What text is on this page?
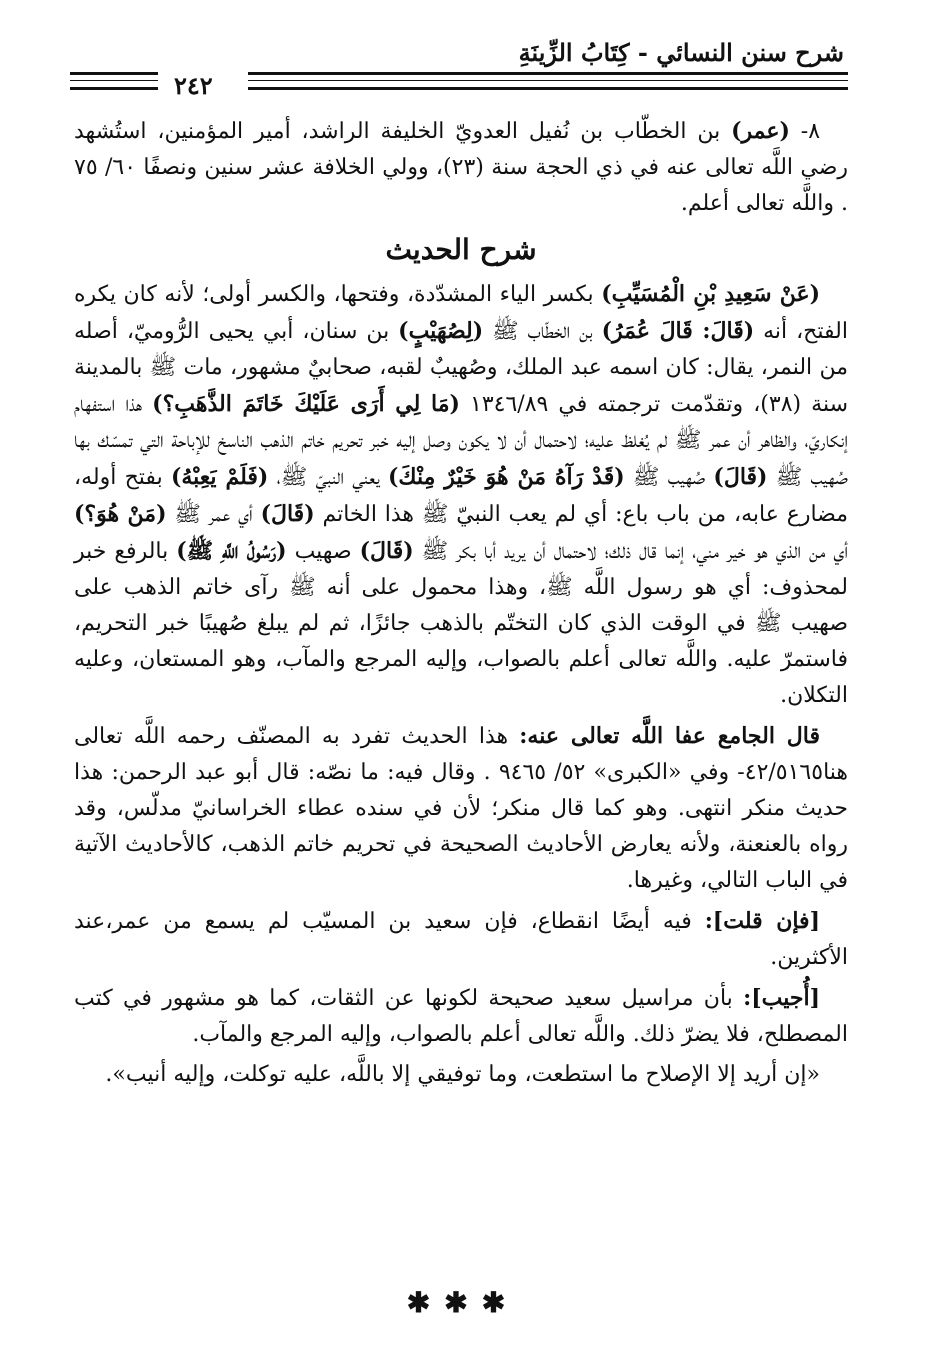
شرح سنن النسائي - كِتَابُ الزِّينَةِ
٢٤٢

٨- (عمر) بن الخطّاب بن نُفيل العدويّ الخليفة الراشد، أمير المؤمنين، استُشهد رضي اللَّه تعالى عنه في ذي الحجة سنة (٢٣)، وولي الخلافة عشر سنين ونصفًا ٦٠/ ٧٥ . واللَّه تعالى أعلم.

شرح الحديث

(عَنْ سَعِيدِ بْنِ الْمُسَيِّبِ) بكسر الياء المشدّدة، وفتحها، والكسر أولى؛ لأنه كان يكره الفتح، أنه (قَالَ: قَالَ عُمَرُ) بن الخطّاب ﷺ (لِصُهَيْبٍ) بن سنان، أبي يحيى الرُّوميّ، أصله من النمر، يقال: كان اسمه عبد الملك، وصُهيبٌ لقبه، صحابيٌ مشهور، مات ﷺ بالمدينة سنة (٣٨)، وتقدّمت ترجمته في ١٣٤٦/٨٩ (مَا لِي أَرَى عَلَيْكَ خَاتَمَ الذَّهَبِ؟) هذا استفهام إنكاريّ، والظاهر أن عمر ﷺ لم يُغلظ عليه؛ لاحتمال أن لا يكون وصل إليه خبر تحريم خاتم الذهب الناسخ للإباحة التي تمسّك بها صُهيب ﷺ (قَالَ) صُهيب ﷺ (قَدْ رَآهُ مَنْ هُوَ خَيْرٌ مِنْكَ) يعني النبيّ ﷺ، (فَلَمْ يَعِبْهُ) بفتح أوله، مضارع عابه، من باب باع: أي لم يعب النبيّ ﷺ هذا الخاتم (قَالَ) أي عمر ﷺ (مَنْ هُوَ؟) أي من الذي هو خير مني، إنما قال ذلك؛ لاحتمال أن يريد أبا بكر ﷺ (قَالَ) صهيب (رَسُولُ اللَّهِ ﷺ) بالرفع خبر لمحذوف: أي هو رسول اللَّه ﷺ، وهذا محمول على أنه ﷺ رآى خاتم الذهب على صهيب ﷺ في الوقت الذي كان التختّم بالذهب جائزًا، ثم لم يبلغ صُهيبًا خبر التحريم، فاستمرّ عليه. واللَّه تعالى أعلم بالصواب، وإليه المرجع والمآب، وهو المستعان، وعليه التكلان.

قال الجامع عفا اللَّه تعالى عنه: هذا الحديث تفرد به المصنّف رحمه اللَّه تعالى هنا٤٢/٥١٦٥- وفي «الكبرى» ٥٢/ ٩٤٦٥ . وقال فيه: ما نصّه: قال أبو عبد الرحمن: هذا حديث منكر انتهى. وهو كما قال منكر؛ لأن في سنده عطاء الخراسانيّ مدلّس، وقد رواه بالعنعنة، ولأنه يعارض الأحاديث الصحيحة في تحريم خاتم الذهب، كالأحاديث الآتية في الباب التالي، وغيرها.

[فإن قلت]: فيه أيضًا انقطاع، فإن سعيد بن المسيّب لم يسمع من عمر،عند الأكثرين.

[أُجيب]: بأن مراسيل سعيد صحيحة لكونها عن الثقات، كما هو مشهور في كتب المصطلح، فلا يضرّ ذلك. واللَّه تعالى أعلم بالصواب، وإليه المرجع والمآب.

«إن أريد إلا الإصلاح ما استطعت، وما توفيقي إلا باللَّه، عليه توكلت، وإليه أنيب».

✱✱✱
